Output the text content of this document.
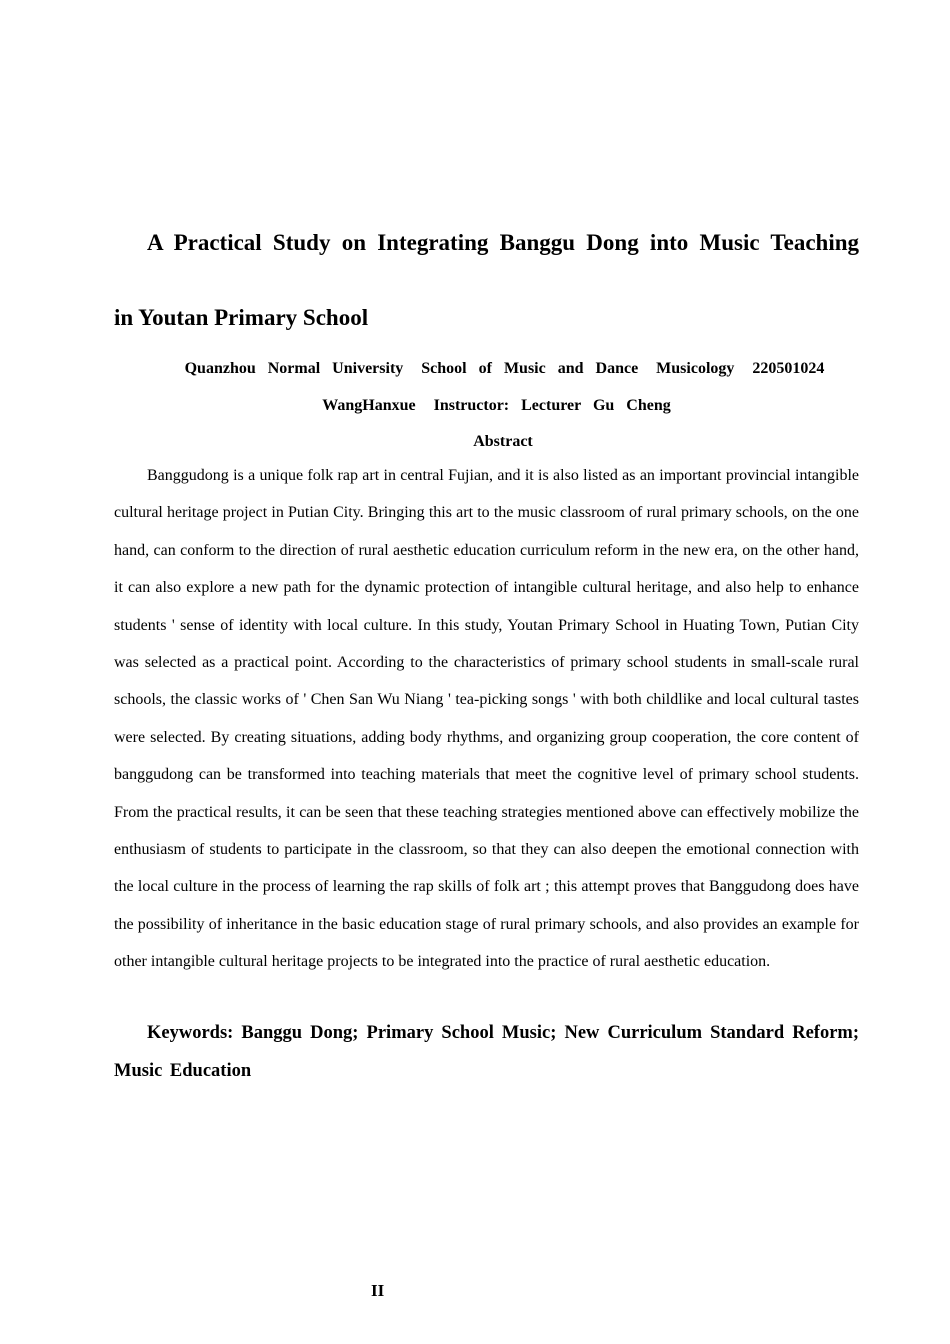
A Practical Study on Integrating Banggu Dong into Music Teaching
in Youtan Primary School
Quanzhou  Normal  University   School  of  Music  and  Dance   Musicology   220501024
WangHanxue   Instructor:  Lecturer  Gu  Cheng
Abstract

Banggudong is a unique folk rap art in central Fujian, and it is also listed as an important provincial intangible cultural heritage project in Putian City. Bringing this art to the music classroom of rural primary schools, on the one hand, can conform to the direction of rural aesthetic education curriculum reform in the new era, on the other hand, it can also explore a new path for the dynamic protection of intangible cultural heritage, and also help to enhance students ' sense of identity with local culture. In this study, Youtan Primary School in Huating Town, Putian City was selected as a practical point. According to the characteristics of primary school students in small-scale rural schools, the classic works of ' Chen San Wu Niang ' tea-picking songs ' with both childlike and local cultural tastes were selected. By creating situations, adding body rhythms, and organizing group cooperation, the core content of banggudong can be transformed into teaching materials that meet the cognitive level of primary school students. From the practical results, it can be seen that these teaching strategies mentioned above can effectively mobilize the enthusiasm of students to participate in the classroom, so that they can also deepen the emotional connection with the local culture in the process of learning the rap skills of folk art ; this attempt proves that Banggudong does have the possibility of inheritance in the basic education stage of rural primary schools, and also provides an example for other intangible cultural heritage projects to be integrated into the practice of rural aesthetic education.

Keywords: Banggu Dong; Primary School Music; New Curriculum Standard Reform; Music Education

II
